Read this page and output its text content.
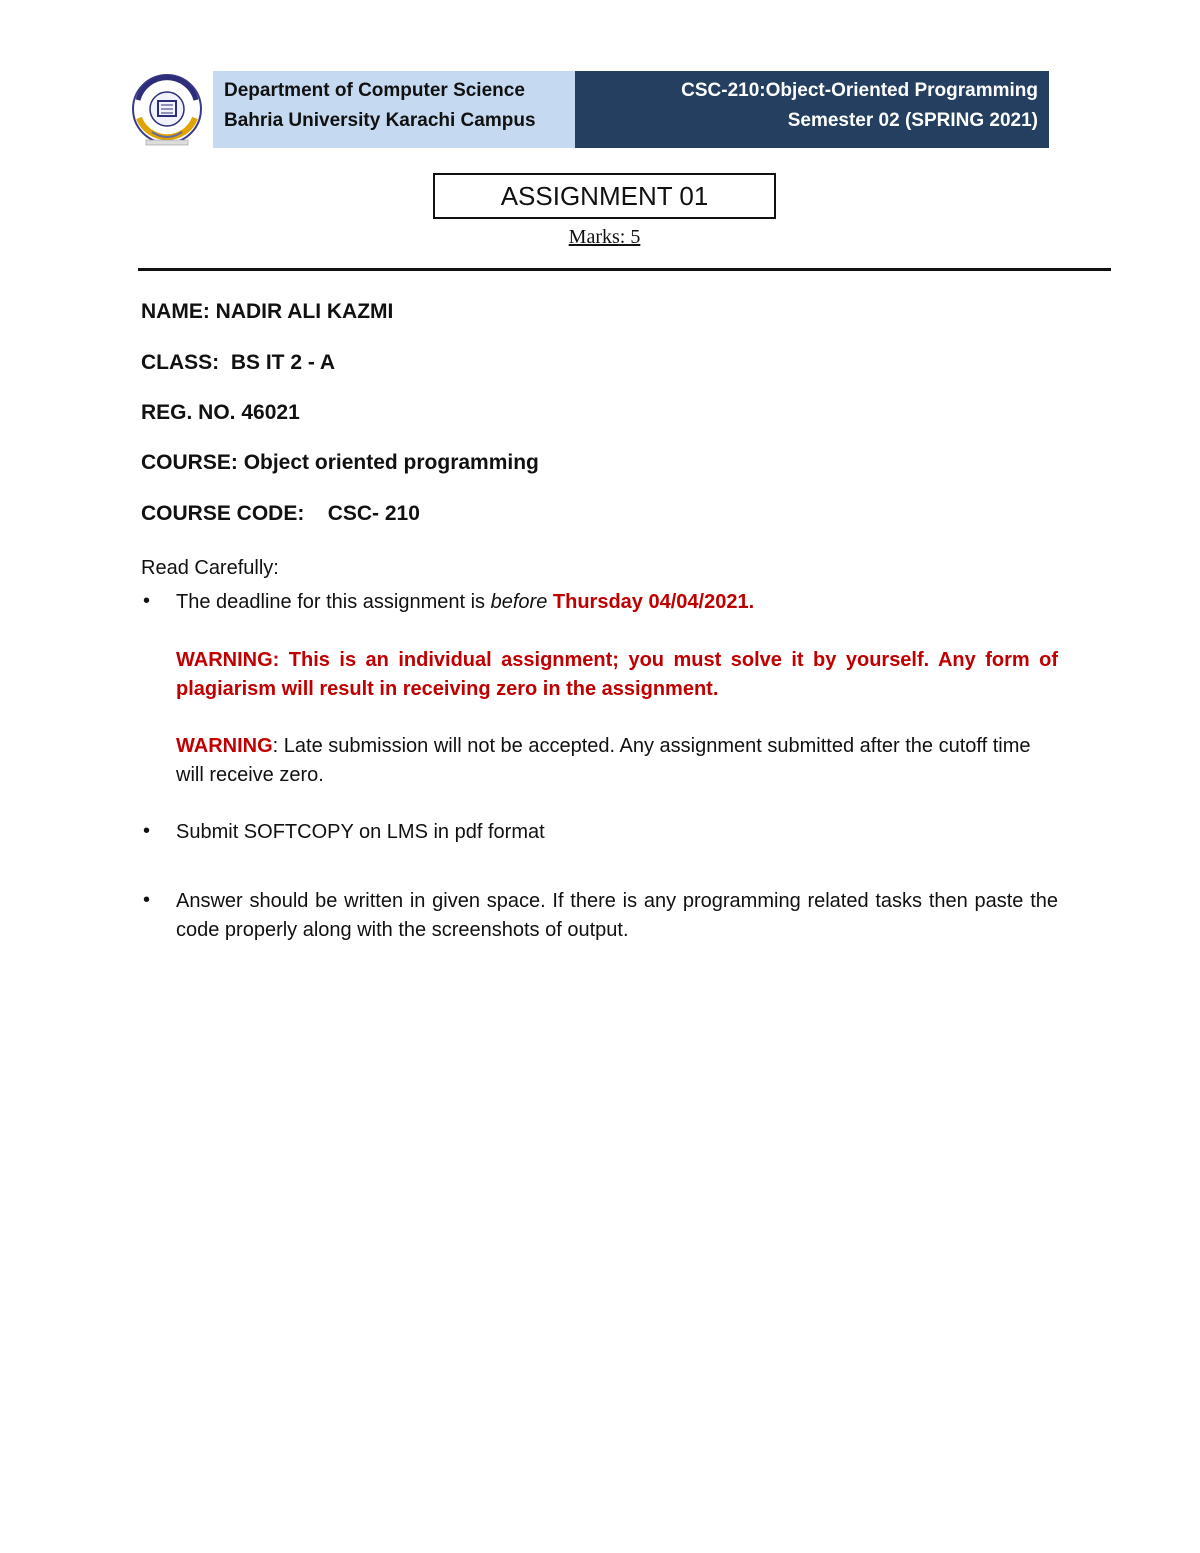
Department of Computer Science
Bahria University Karachi Campus
CSC-210:Object-Oriented Programming
Semester 02 (SPRING 2021)
ASSIGNMENT 01
Marks: 5
NAME: NADIR ALI KAZMI
CLASS: BS IT 2 - A
REG. NO. 46021
COURSE: Object oriented programming
COURSE CODE: CSC- 210
Read Carefully:
• The deadline for this assignment is before Thursday 04/04/2021.
WARNING: This is an individual assignment; you must solve it by yourself. Any form of plagiarism will result in receiving zero in the assignment.
WARNING: Late submission will not be accepted. Any assignment submitted after the cutoff time will receive zero.
• Submit SOFTCOPY on LMS in pdf format
• Answer should be written in given space. If there is any programming related tasks then paste the code properly along with the screenshots of output.
